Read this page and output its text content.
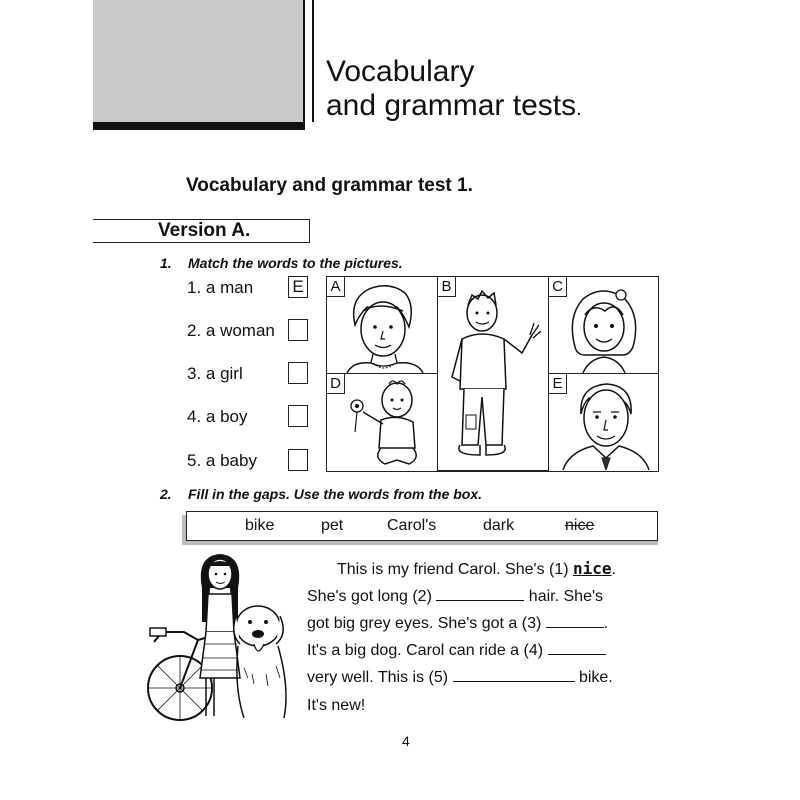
Vocabulary
and grammar tests.
Vocabulary and grammar test 1.
Version A.
1. Match the words to the pictures.
1. a man E
2. a woman
3. a girl
4. a boy
5. a baby
A	B	C
D	E
2. Fill in the gaps. Use the words from the box.
bike	pet	Carol's	dark	nice
This is my friend Carol. She's (1) nice.
She's got long (2)	hair. She's
got big grey eyes. She's got a (3)	.
It's a big dog. Carol can ride a (4)
very well. This is (5)	bike.
It's new!
4
